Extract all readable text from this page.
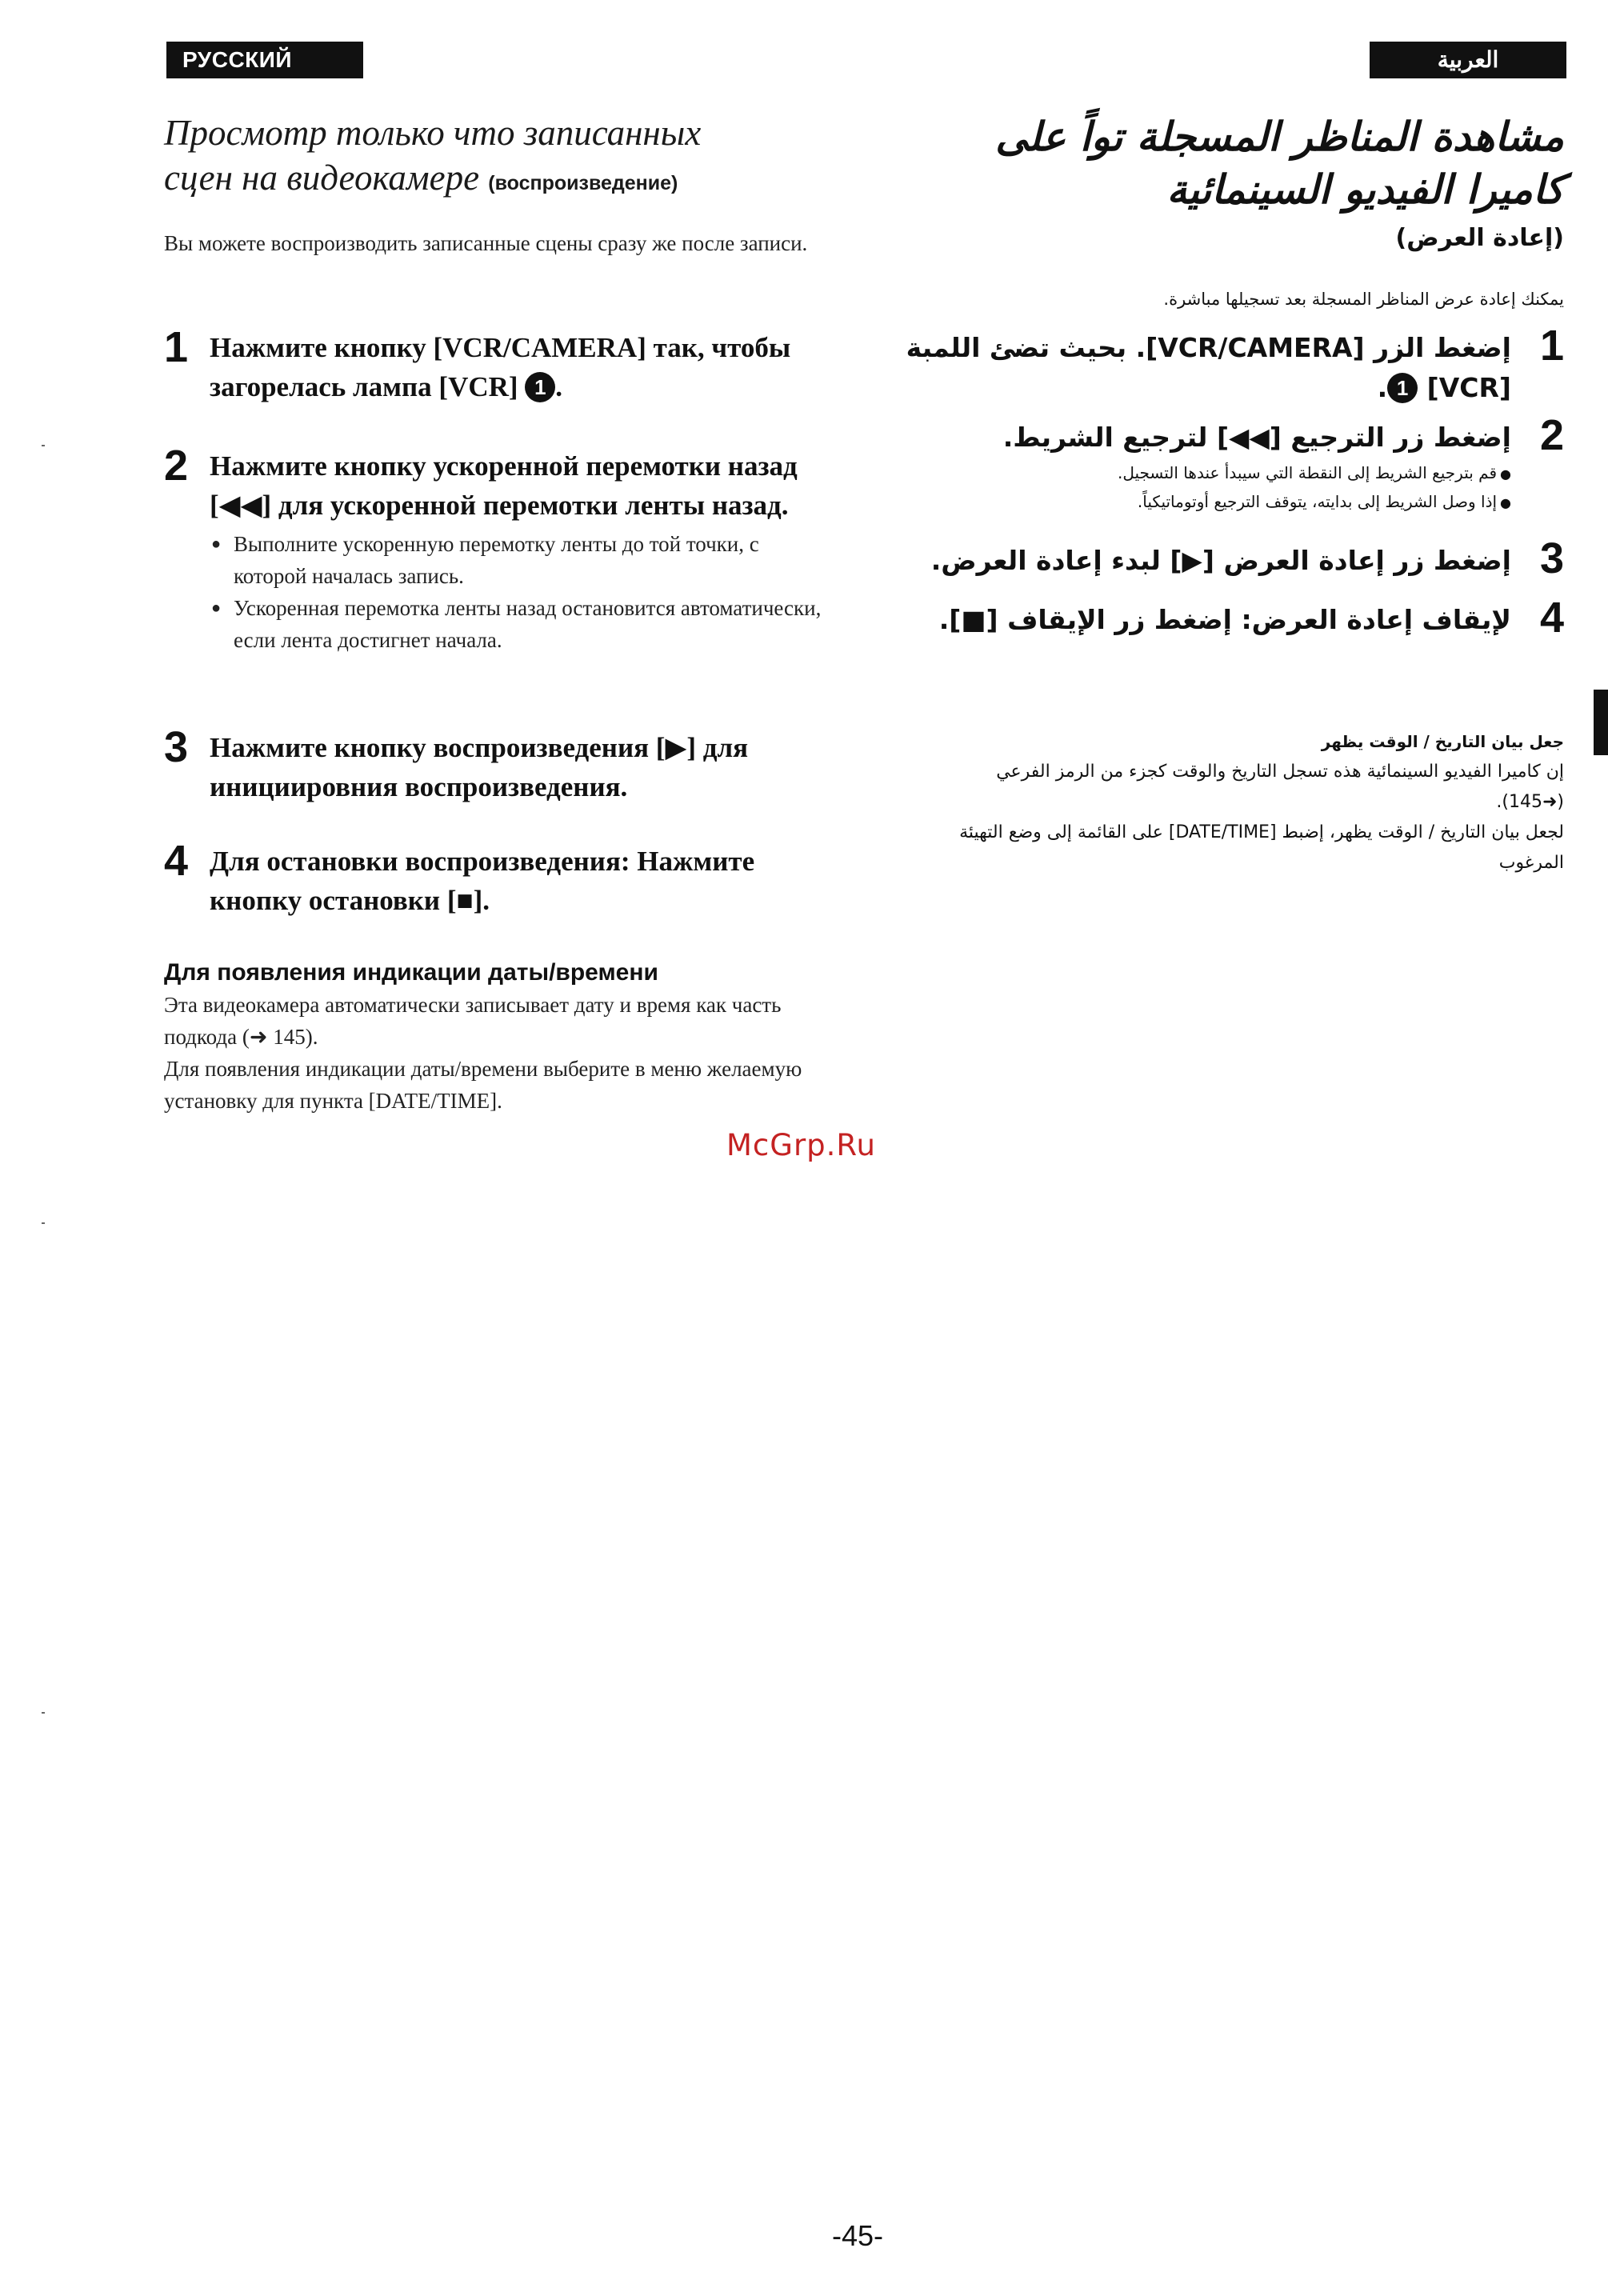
РУССКИЙ ЯЗЫК
العربية
Просмотр только что записанных
сцен на видеокамере (воспроизведение)
Вы можете воспроизводить записанные сцены сразу же после записи.
1 Нажмите кнопку [VCR/CAMERA] так, чтобы загорелась лампа [VCR] 1 .
2 Нажмите кнопку ускоренной перемотки назад [◀◀] для ускоренной перемотки ленты назад.
● Выполните ускоренную перемотку ленты до той точки, с которой началась запись.
● Ускоренная перемотка ленты назад остановится автоматически, если лента достигнет начала.
3 Нажмите кнопку воспроизведения [▶] для инициировния воспроизведения.
4 Для остановки воспроизведения: Нажмите кнопку остановки [■].
Для появления индикации даты/времени
Эта видеокамера автоматически записывает дату и время как часть подкода (➜ 145).
Для появления индикации даты/времени выберите в меню желаемую установку для пункта [DATE/TIME].
مشاهدة المناظر المسجلة تواً على
كاميرا الفيديو السينمائية
(إعادة العرض)
يمكنك إعادة عرض المناظر المسجلة بعد تسجيلها مباشرة.
1
إضغط الزر [VCR/CAMERA]. بحيث تضئ اللمبة [VCR] 1.
2
إضغط زر الترجيع [◀◀] لترجيع الشريط.
● قم بترجيع الشريط إلى النقطة التي سيبدأ عندها التسجيل.
● إذا وصل الشريط إلى بدايته، يتوقف الترجيع أوتوماتيكياً.
3
إضغط زر إعادة العرض [▶] لبدء إعادة العرض.
4
لإيقاف إعادة العرض: إضغط زر الإيقاف [■].
جعل بيان التاريخ / الوقت يظهر
إن كاميرا الفيديو السينمائية هذه تسجل التاريخ والوقت كجزء من الرمز الفرعي (➜145).
لجعل بيان التاريخ / الوقت يظهر، إضبط [DATE/TIME] على القائمة إلى وضع التهيئة المرغوب
McGrp.Ru
-45-
